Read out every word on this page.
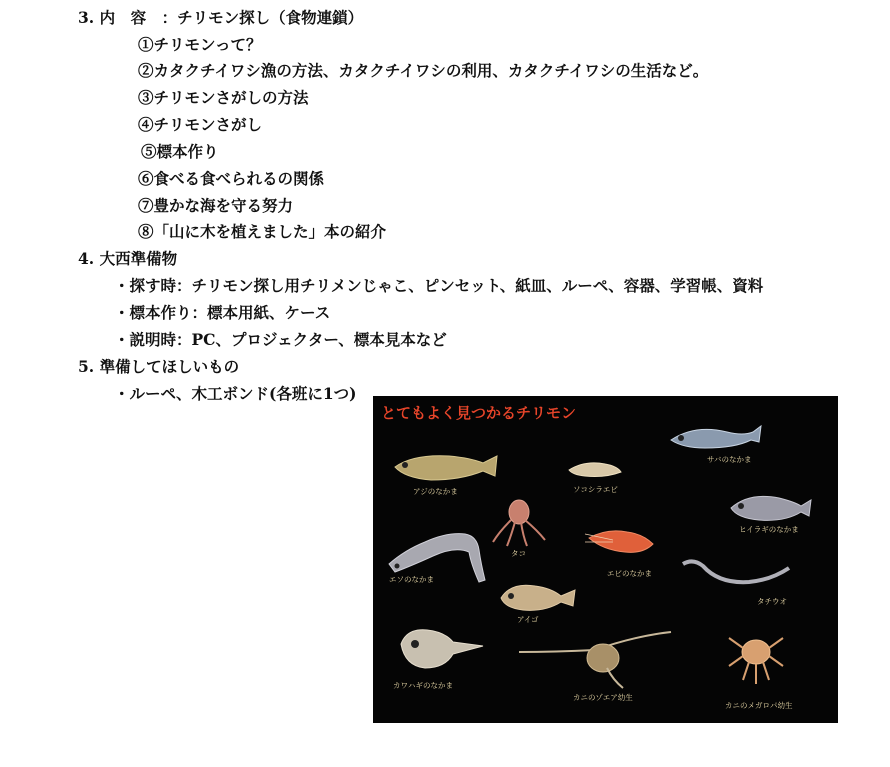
3. 内　容　：チリモン探し（食物連鎖）
①チリモンって？
②カタクチイワシ漁の方法、カタクチイワシの利用、カタクチイワシの生活など。
③チリモンさがしの方法
④チリモンさがし
⑤標本作り
⑥食べる食べられるの関係
⑦豊かな海を守る努力
⑧「山に木を植えました」本の紹介
4. 大西準備物
・探す時：チリモン探し用チリメンじゃこ、ピンセット、紙皿、ルーペ、容器、学習帳、資料
・標本作り：標本用紙、ケース
・説明時：PC、プロジェクター、標本見本など
5. 準備してほしいもの
・ルーペ、木工ボンド(各班に1つ)
とてもよく見つかるチリモン
サバのなかま
アジのなかま	ソコシラエビ
ヒイラギのなかま
タコ
エソのなかま
エビのなかま
タチウオ
アイゴ
カワハギのなかま
カニのゾエア幼生
カニのメガロパ幼生
